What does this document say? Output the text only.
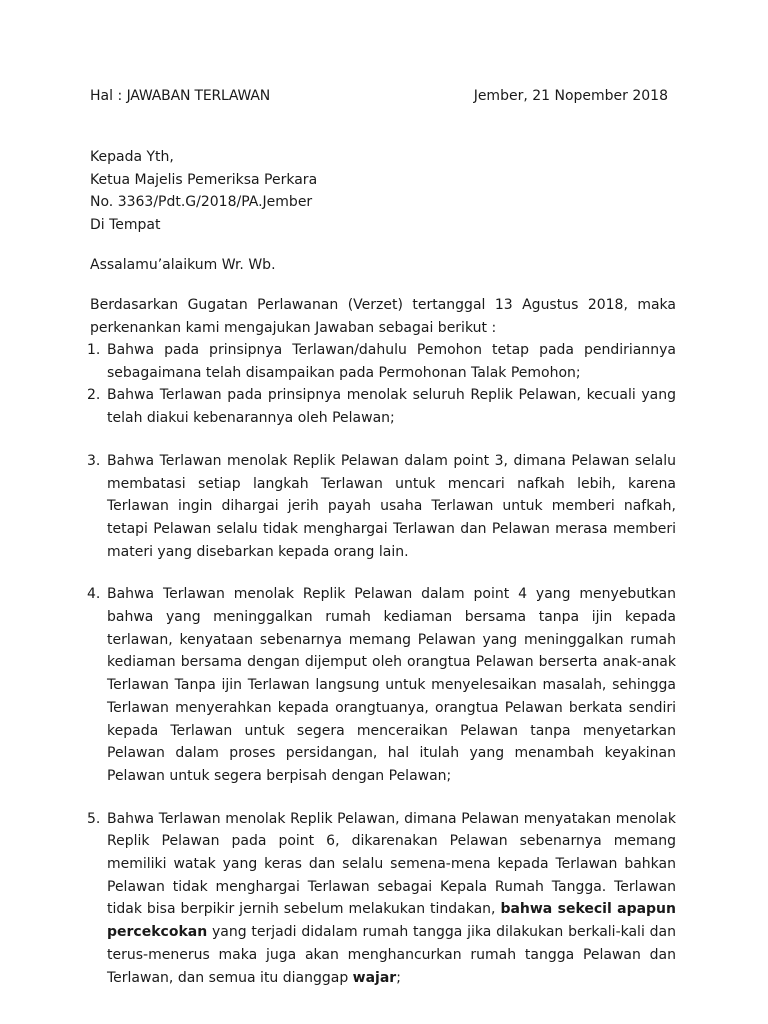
Hal : JAWABAN TERLAWAN	Jember, 21 Nopember 2018
Kepada Yth,
Ketua Majelis Pemeriksa Perkara
No. 3363/Pdt.G/2018/PA.Jember
Di Tempat
Assalamu’alaikum Wr. Wb.
Berdasarkan Gugatan Perlawanan (Verzet) tertanggal 13 Agustus 2018, maka perkenankan kami mengajukan Jawaban sebagai berikut :
1. Bahwa pada prinsipnya Terlawan/dahulu Pemohon tetap pada pendiriannya sebagaimana telah disampaikan pada Permohonan Talak Pemohon;
2. Bahwa Terlawan pada prinsipnya menolak seluruh Replik Pelawan, kecuali yang telah diakui kebenarannya oleh Pelawan;
3. Bahwa Terlawan menolak Replik Pelawan dalam point 3, dimana Pelawan selalu membatasi setiap langkah Terlawan untuk mencari nafkah lebih, karena Terlawan ingin dihargai jerih payah usaha Terlawan untuk memberi nafkah, tetapi Pelawan selalu tidak menghargai Terlawan dan Pelawan merasa memberi materi yang disebarkan kepada orang lain.
4. Bahwa Terlawan menolak Replik Pelawan dalam point 4 yang menyebutkan bahwa yang meninggalkan rumah kediaman bersama tanpa ijin kepada terlawan, kenyataan sebenarnya memang Pelawan yang meninggalkan rumah kediaman bersama dengan dijemput oleh orangtua Pelawan berserta anak-anak Terlawan Tanpa ijin Terlawan langsung untuk menyelesaikan masalah, sehingga Terlawan menyerahkan kepada orangtuanya, orangtua Pelawan berkata sendiri kepada Terlawan untuk segera menceraikan Pelawan tanpa menyetarkan Pelawan dalam proses persidangan, hal itulah yang menambah keyakinan Pelawan untuk segera berpisah dengan Pelawan;
5. Bahwa Terlawan menolak Replik Pelawan, dimana Pelawan menyatakan menolak Replik Pelawan pada point 6, dikarenakan Pelawan sebenarnya memang memiliki watak yang keras dan selalu semena-mena kepada Terlawan bahkan Pelawan tidak menghargai Terlawan sebagai Kepala Rumah Tangga. Terlawan tidak bisa berpikir jernih sebelum melakukan tindakan, bahwa sekecil apapun percekcokan yang terjadi didalam rumah tangga jika dilakukan berkali-kali dan terus-menerus maka juga akan menghancurkan rumah tangga Pelawan dan Terlawan, dan semua itu dianggap wajar;
